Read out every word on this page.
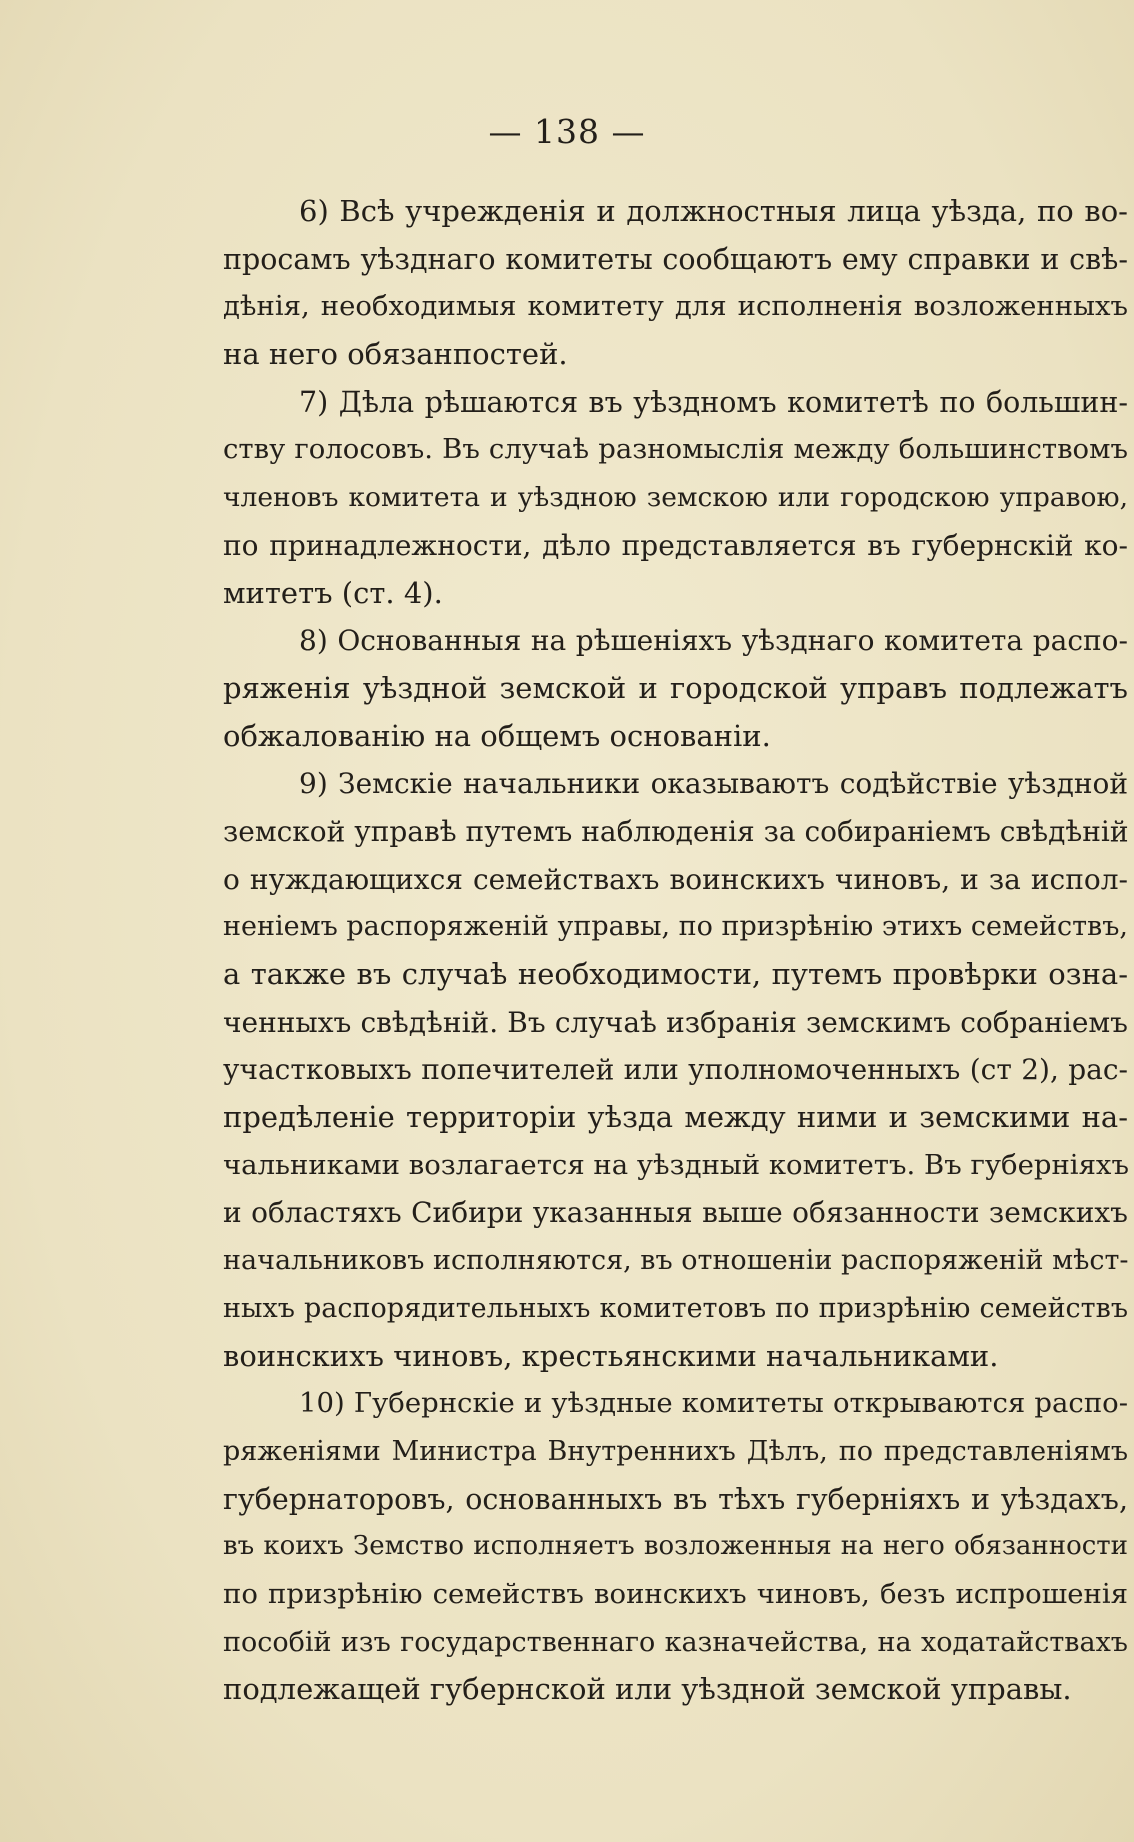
— 138 —
6) Всѣ учрежденія и должностныя лица уѣзда, по во-
просамъ уѣзднаго комитеты сообщаютъ ему справки и свѣ-
дѣнія, необходимыя комитету для исполненія возложенныхъ
на него обязанпостей.
7) Дѣла рѣшаются въ уѣздномъ комитетѣ по большин-
ству голосовъ. Въ случаѣ разномыслія между большинствомъ
членовъ комитета и уѣздною земскою или городскою управою,
по принадлежности, дѣло представляется въ губернскій ко-
митетъ (ст. 4).
8) Основанныя на рѣшеніяхъ уѣзднаго комитета распо-
ряженія уѣздной земской и городской управъ подлежатъ
обжалованію на общемъ основаніи.
9) Земскіе начальники оказываютъ содѣйствіе уѣздной
земской управѣ путемъ наблюденія за собираніемъ свѣдѣній
о нуждающихся семействахъ воинскихъ чиновъ, и за испол-
неніемъ распоряженій управы, по призрѣнію этихъ семействъ,
а также въ случаѣ необходимости, путемъ провѣрки озна-
ченныхъ свѣдѣній. Въ случаѣ избранія земскимъ собраніемъ
участковыхъ попечителей или уполномоченныхъ (ст 2), рас-
предѣленіе территоріи уѣзда между ними и земскими на-
чальниками возлагается на уѣздный комитетъ. Въ губерніяхъ
и областяхъ Сибири указанныя выше обязанности земскихъ
начальниковъ исполняются, въ отношеніи распоряженій мѣст-
ныхъ распорядительныхъ комитетовъ по призрѣнію семействъ
воинскихъ чиновъ, крестьянскими начальниками.
10) Губернскіе и уѣздные комитеты открываются распо-
ряженіями Министра Внутреннихъ Дѣлъ, по представленіямъ
губернаторовъ, основанныхъ въ тѣхъ губерніяхъ и уѣздахъ,
въ коихъ Земство исполняетъ возложенныя на него обязанности
по призрѣнію семействъ воинскихъ чиновъ, безъ испрошенія
пособій изъ государственнаго казначейства, на ходатайствахъ
подлежащей губернской или уѣздной земской управы.
